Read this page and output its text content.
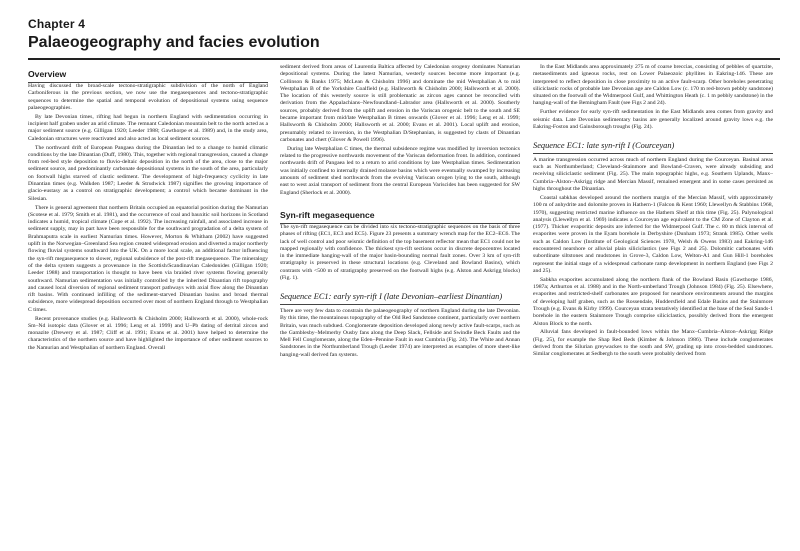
Chapter 4
Palaeogeography and facies evolution
Overview

Having discussed the broad-scale tectono-stratigraphic subdivision of the north of England Carboniferous in the previous section, we now use the megasequences and tectono-stratigraphic sequences to determine the spatial and temporal evolution of depositional systems using sequence palaeogeographies.

By late Devonian times, rifting had begun in northern England with sedimentation occurring in incipient half graben under an arid climate. The remnant Caledonian mountain belt to the north acted as a major sediment source (e.g. Gilligan 1920; Leeder 1988; Gawthorpe et al. 1989) and, in the study area, Caledonian structures were reactivated and also acted as local sediment sources.

The northward drift of European Pangaea during the Dinantian led to a change to humid climatic conditions by the late Dinantian (Duff, 1980). This, together with regional transgression, caused a change from red-bed style deposition to fluvio-deltaic deposition in the north of the area, close to the major sediment source, and predominantly carbonate depositional systems in the south of the area, particularly on footwall highs starved of clastic sediment. The development of high-frequency cyclicity in late Dinantian times (e.g. Walkden 1987; Leeder & Strudwick 1987) signifies the growing importance of glacio-eustasy as a control on stratigraphic development; a control which became dominant in the Silesian.

There is general agreement that northern Britain occupied an equatorial position during the Namurian (Scotese et al. 1979; Smith et al. 1981), and the occurrence of coal and bauxitic soil horizons in Scotland indicates a humid, tropical climate (Cope et al. 1992). The increasing rainfall, and associated increase in sediment supply, may in part have been responsible for the southward progradation of a delta system of Brahmaputra scale in earliest Namurian times. However, Morton & Whitham (2002) have suggested uplift in the Norwegian–Greenland Sea region created widespread erosion and diverted a major northerly flowing fluvial systems southward into the UK. On a more local scale, an additional factor influencing the syn-rift megasequence to slower, regional subsidence of the post-rift megasequence. The mineralogy of the delta system suggests a provenance in the Scottish/Scandinavian Caledonides (Gilligan 1920; Leeder 1988) and transportation is thought to have been via braided river systems flowing generally southward. Namurian sedimentation was initially controlled by the inherited Dinantian rift topography and caused local diversion of regional sediment transport pathways with axial flow along the Dinantian rift basins. With continued infilling of the sediment-starved Dinantian basins and broad thermal subsidence, more widespread deposition occurred over most of northern England through to Westphalian C times.

Recent provenance studies (e.g. Hallsworth & Chisholm 2000; Hallsworth et al. 2000), whole-rock Sm–Nd isotopic data (Glover et al. 1996; Leng et al. 1999) and U–Pb dating of detrital zircon and monazite (Drewery et al. 1987; Cliff et al. 1991; Evans et al. 2001) have helped to determine the characteristics of the northern source and have highlighted the importance of other sediment sources to the Namurian and Westphalian of northern England. Overall

sediment derived from areas of Laurentia Baltica affected by Caledonian orogeny dominates Namurian depositional systems. During the latest Namurian, westerly sources become more important (e.g. Collinson & Banks 1975; McLean & Chisholm 1996) and dominate the mid Westphalian A to mid Westphalian B of the Yorkshire Coalfield (e.g. Hallsworth & Chisholm 2000; Hallsworth et al. 2000). The location of this westerly source is still problematic as zircon ages cannot be reconciled with derivation from the Appalachians–Newfoundland–Labrador area (Hallsworth et al. 2000). Southerly sources, probably derived from the uplift and erosion in the Variscan orogenic belt to the south and SE became important from mid/late Westphalian B times onwards (Glover et al. 1996; Leng et al. 1999; Hallsworth & Chisholm 2000; Hallsworth et al. 2000; Evans et al. 2001). Local uplift and erosion, presumably related to inversion, in the Westphalian D/Stephanian, is suggested by clasts of Dinantian carbonates and chert (Glover & Powell 1996).

During late Westphalian C times, the thermal subsidence regime was modified by inversion tectonics related to the progressive northwards movement of the Variscan deformation front. In addition, continued northwards drift of Pangaea led to a return to arid conditions by late Westphalian times. Sedimentation was initially confined to internally drained molasse basins which were eventually swamped by increasing amounts of sediment shed northwards from the evolving Variscan orogen lying to the south, although east to west axial transport of sediment from the central European Variscides has been suggested for SW England (Sherlock et al. 2000).

Syn-rift megasequence

The syn-rift megasequence can be divided into six tectono-stratigraphic sequences on the basis of three phases of rifting (EC1, EC3 and EC5). Figure 23 presents a summary wrench map for the EC2–EC6. The lack of well control and poor seismic definition of the top basement reflector mean that EC1 could not be mapped regionally with confidence. The thickest syn-rift sections occur in discrete depocentres located in the immediate hanging-wall of the major basin-bounding normal fault zones. Over 3 km of syn-rift stratigraphy is preserved in these structural locations (e.g. Cleveland and Bowland Basins), which contrasts with <500 m of stratigraphy preserved on the footwall highs (e.g. Alston and Askrigg blocks) (Fig. 1).

Sequence EC1: early syn-rift I (late Devonian–earliest Dinantian)

There are very few data to constrain the palaeogeography of northern England during the late Devonian. By this time, the mountainous topography of the Old Red Sandstone continent, particularly over northern Britain, was much subdued. Conglomerate deposition developed along newly active fault-scarps, such as the Gamblesby–Melmerby Ousby fans along the Deep Slack, Fellside and Swindle Beck Faults and the Mell Fell Conglomerate, along the Eden–Pennine Fault in east Cumbria (Fig. 24). The White and Annan Sandstones in the Northumberland Trough (Leeder 1974) are interpreted as examples of more sheet-like hanging-wall derived fan systems.

In the East Midlands area approximately 275 m of coarse breccias, consisting of pebbles of quartzite, metasediments and igneous rocks, rest on Lower Palaeozoic phyllites in Eakring-146. These are interpreted to reflect deposition in close proximity to an active fault-scarp. Other boreholes penetrating siliciclastic rocks of probable late Devonian age are Caldon Low (c. 170 m red-brown pebbly sandstone) situated on the footwall of the Widmerpool Gulf, and Whittington Heath (c. 1 m pebbly sandstone) in the hanging-wall of the Bemingham Fault (see Figs 2 and 24).

Further evidence for early syn-rift sedimentation in the East Midlands area comes from gravity and seismic data. Late Devonian sedimentary basins are generally localized around gravity lows e.g. the Eakring-Foston and Gainsborough troughs (Fig. 24).

Sequence EC1: late syn-rift I (Courceyan)

A marine transgression occurred across much of northern England during the Courceyan. Basinal areas such as Northumberland; Cleveland–Stainmore and Bowland–Craven, were already subsiding and receiving siliciclastic sediment (Fig. 25). The main topographic highs, e.g. Southern Uplands, Manx–Cumbria–Alston–Askrigg ridge and Mercian Massif, remained emergent and in some cases persisted as highs throughout the Dinantian.

Coastal sabkhas developed around the northern margin of the Mercian Massif, with approximately 100 m of anhydrite and dolomite proven in Hathern-1 (Falcon & Kent 1960; Llewellyn & Stabbins 1968, 1970), suggesting restricted marine influence on the Hathern Shelf at this time (Fig. 25). Palynological analysis (Llewellyn et al. 1969) indicates a Courceyan age equivalent to the CM Zone of Clayton et al. (1977). Thicker evaporitic deposits are inferred for the Widmerpool Gulf. The c. 80 m thick interval of evaporites were proven in the Eyam borehole in Derbyshire (Dunham 1973; Strank 1985). Other wells such as Caldon Low (Institute of Geological Sciences 1978, Welsh & Owens 1983) and Eakring-146 encountered nearshore or alluvial plain siliciclastics (see Figs 2 and 25). Dolomitic carbonates with subordinate siltstones and mudstones in Grove-3, Caldon Low, Welton-A1 and Gun Hill-1 boreholes represent the initial stage of a widespread carbonate ramp development in northern England (see Figs 2 and 25).

Sabkha evaporites accumulated along the northern flank of the Bowland Basin (Gawthorpe 1986, 1987a; Arthurton et al. 1988) and in the North-umberland Trough (Johnson 1984) (Fig. 25). Elsewhere, evaporites and restricted-shelf carbonates are proposed for nearshore environments around the margins of developing half graben, such as the Rossendale, Huddersfield and Edale Basins and the Stainmore Trough (e.g. Evans & Kirby 1999). Courceyan strata tentatively identified at the base of the Seal Sands-1 borehole in the eastern Stainmore Trough comprise siliciclastics, possibly derived from the emergent Alston Block to the north.

Alluvial fans developed in fault-bounded lows within the Manx–Cumbria–Alston–Askrigg Ridge (Fig. 25), for example the Shap Red Beds (Kimber & Johnson 1986). These include conglomerates derived from the Silurian greywackes to the south and SW, grading up into cross-bedded sandstones. Similar conglomerates at Sedbergh to the south were probably derived from
